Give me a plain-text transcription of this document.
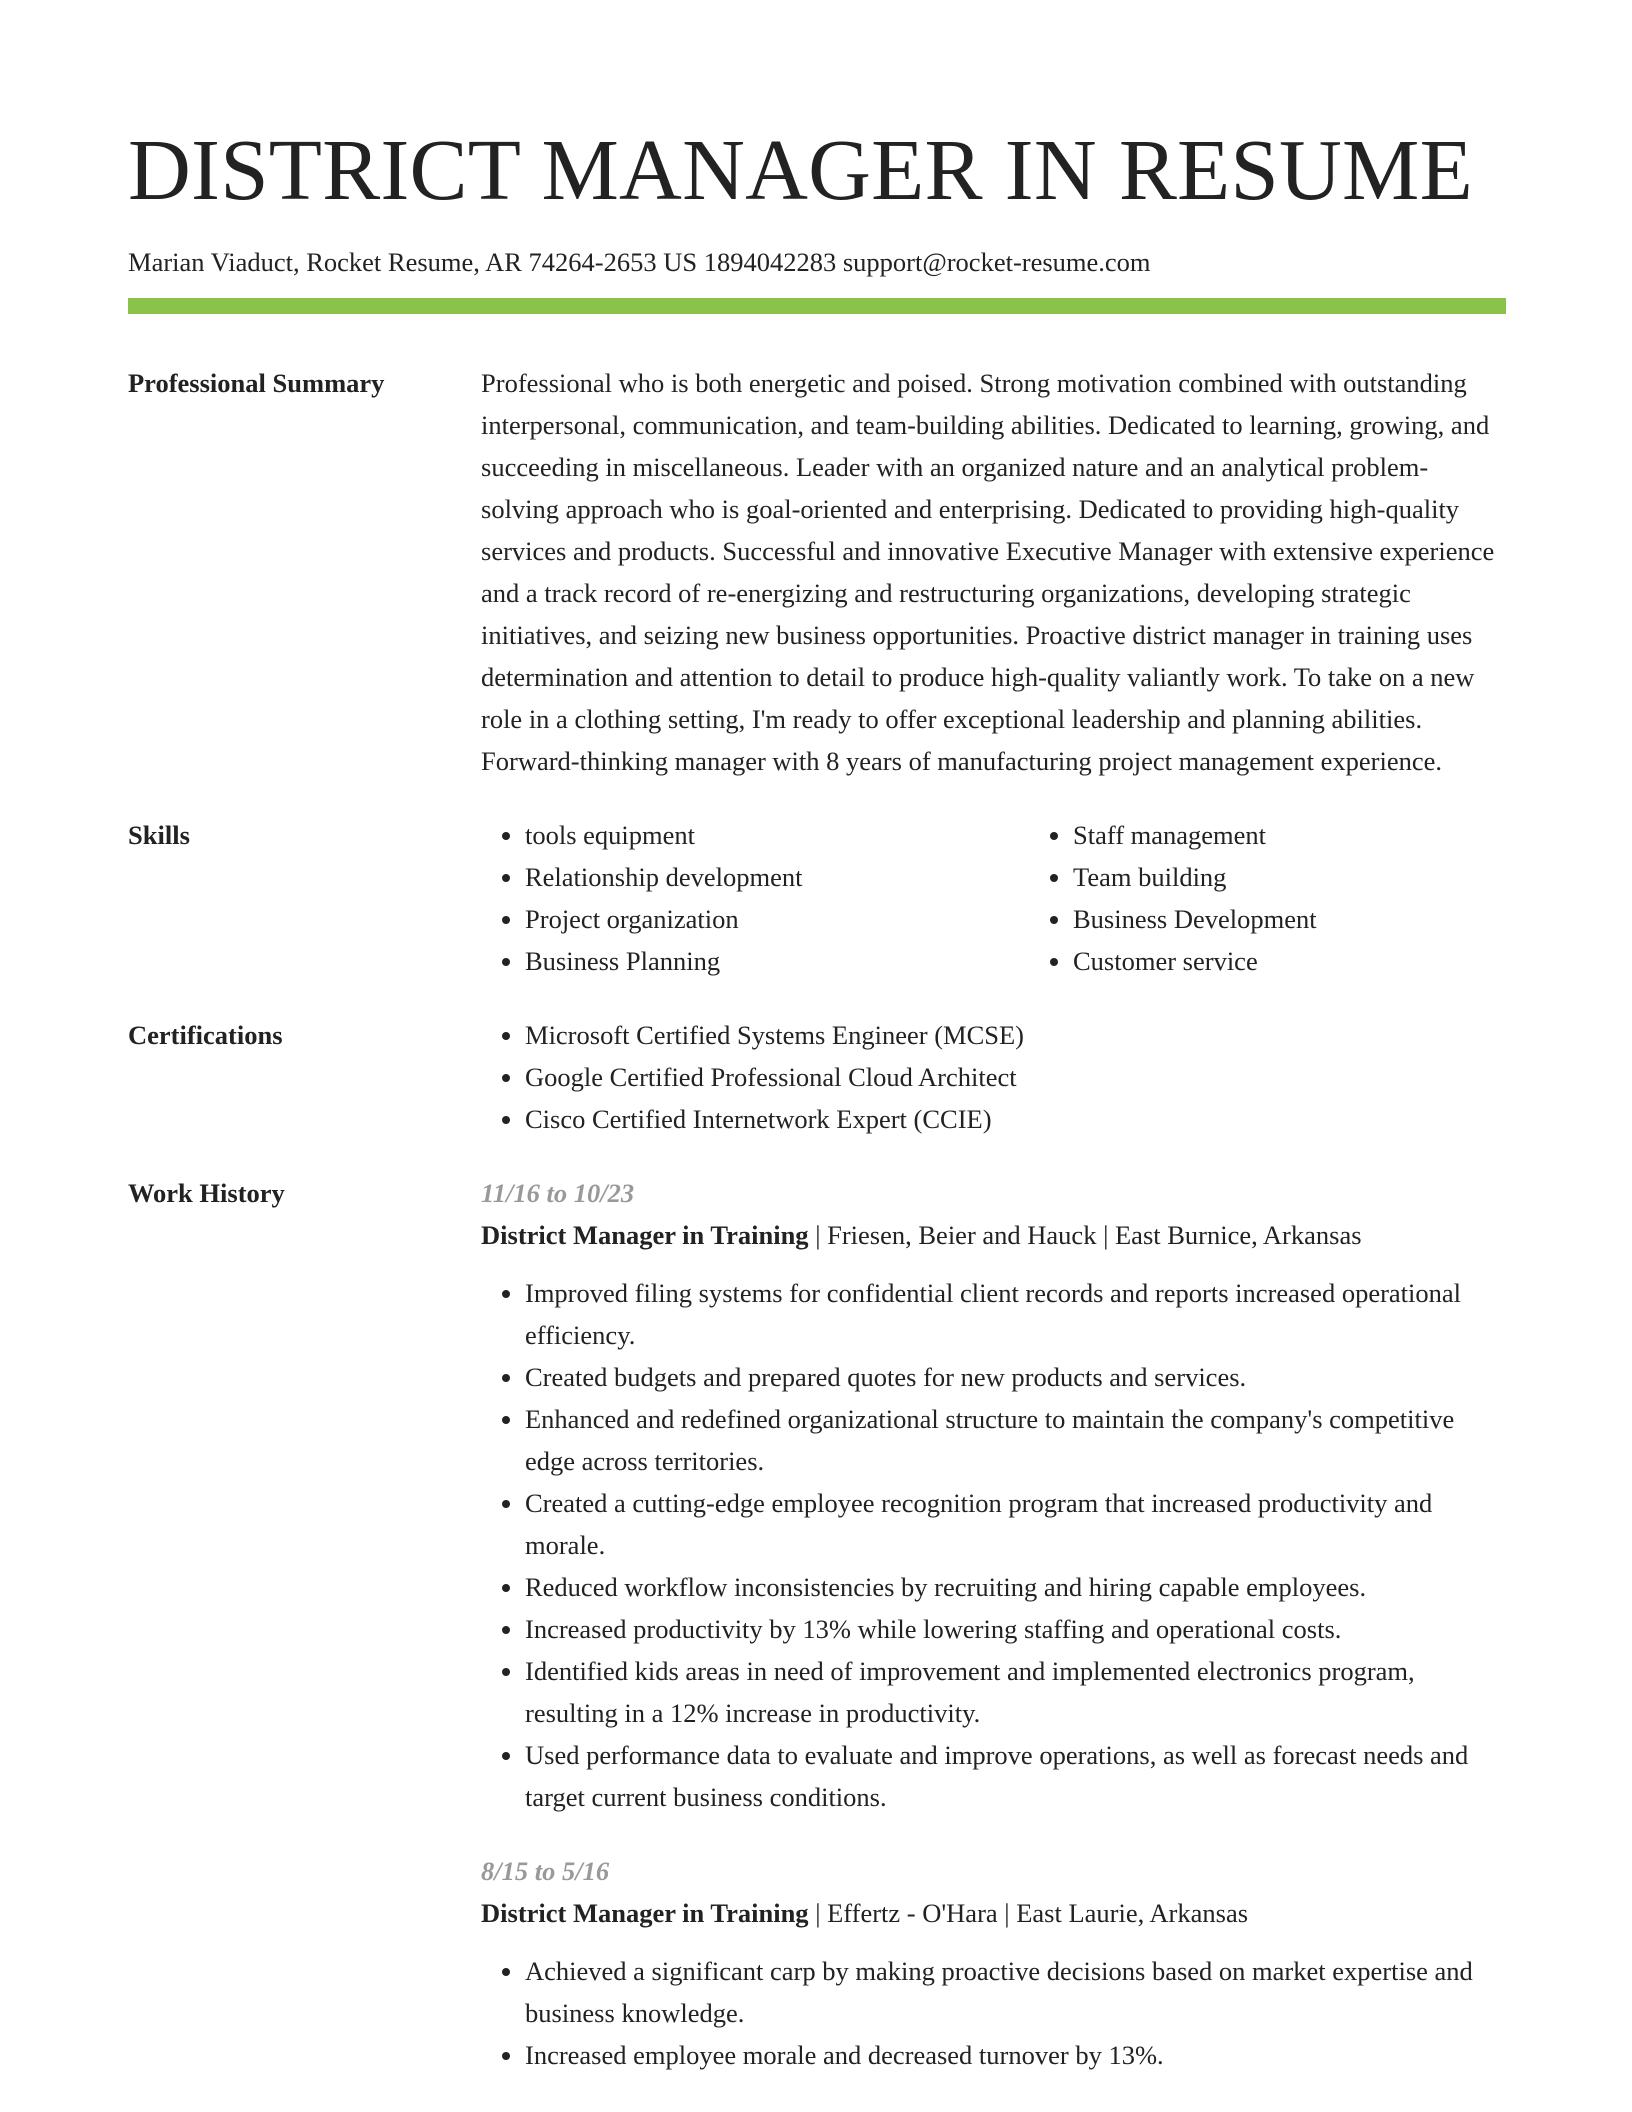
DISTRICT MANAGER IN RESUME
Marian Viaduct, Rocket Resume, AR 74264-2653 US 1894042283 support@rocket-resume.com
Professional Summary	Professional who is both energetic and poised. Strong motivation combined with outstanding interpersonal, communication, and team-building abilities. Dedicated to learning, growing, and succeeding in miscellaneous. Leader with an organized nature and an analytical problem-solving approach who is goal-oriented and enterprising. Dedicated to providing high-quality services and products. Successful and innovative Executive Manager with extensive experience and a track record of re-energizing and restructuring organizations, developing strategic initiatives, and seizing new business opportunities. Proactive district manager in training uses determination and attention to detail to produce high-quality valiantly work. To take on a new role in a clothing setting, I'm ready to offer exceptional leadership and planning abilities. Forward-thinking manager with 8 years of manufacturing project management experience.

Skills	• tools equipment
• Relationship development
• Project organization
• Business Planning
• Staff management
• Team building
• Business Development
• Customer service
Certifications	• Microsoft Certified Systems Engineer (MCSE)
• Google Certified Professional Cloud Architect
• Cisco Certified Internetwork Expert (CCIE)
Work History	11/16 to 10/23
District Manager in Training | Friesen, Beier and Hauck | East Burnice, Arkansas
• Improved filing systems for confidential client records and reports increased operational efficiency.
• Created budgets and prepared quotes for new products and services.
• Enhanced and redefined organizational structure to maintain the company's competitive edge across territories.
• Created a cutting-edge employee recognition program that increased productivity and morale.
• Reduced workflow inconsistencies by recruiting and hiring capable employees.
• Increased productivity by 13% while lowering staffing and operational costs.
• Identified kids areas in need of improvement and implemented electronics program, resulting in a 12% increase in productivity.
• Used performance data to evaluate and improve operations, as well as forecast needs and target current business conditions.
8/15 to 5/16
District Manager in Training | Effertz - O'Hara | East Laurie, Arkansas
• Achieved a significant carp by making proactive decisions based on market expertise and business knowledge.
• Increased employee morale and decreased turnover by 13%.
